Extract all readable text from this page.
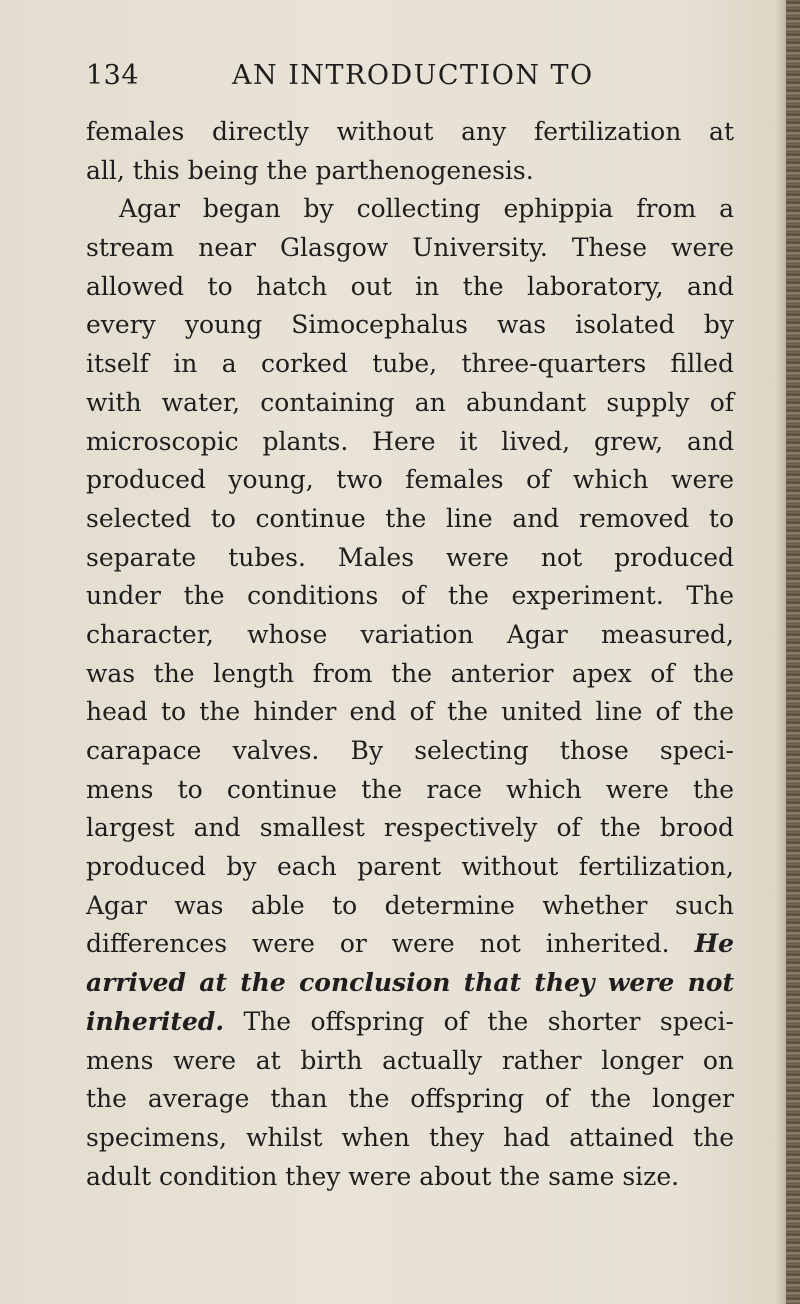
134	AN INTRODUCTION TO
females directly without any fertilization at
all, this being the parthenogenesis.
Agar began by collecting ephippia from a
stream near Glasgow University. These were
allowed to hatch out in the laboratory, and
every young Simocephalus was isolated by
itself in a corked tube, three-quarters filled
with water, containing an abundant supply of
microscopic plants. Here it lived, grew, and
produced young, two females of which were
selected to continue the line and removed to
separate tubes. Males were not produced
under the conditions of the experiment. The
character, whose variation Agar measured,
was the length from the anterior apex of the
head to the hinder end of the united line of the
carapace valves. By selecting those speci-
mens to continue the race which were the
largest and smallest respectively of the brood
produced by each parent without fertilization,
Agar was able to determine whether such
differences were or were not inherited. He
arrived at the conclusion that they were not
inherited. The offspring of the shorter speci-
mens were at birth actually rather longer on
the average than the offspring of the longer
specimens, whilst when they had attained the
adult condition they were about the same size.
